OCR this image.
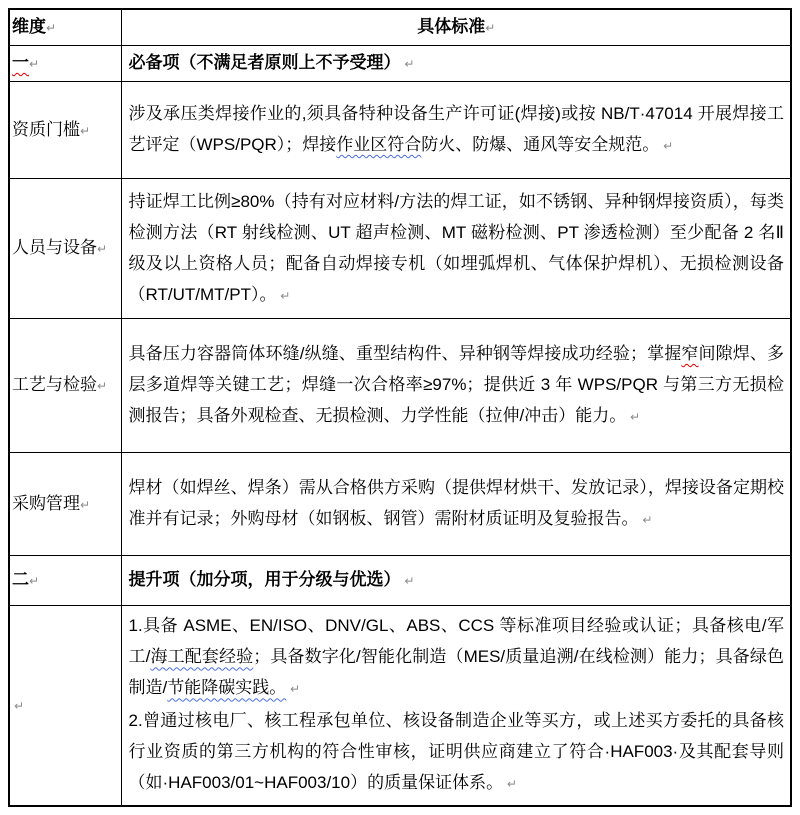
维度↵	具体标准↵

一↵	必备项（不满足者原则上不予受理） ↵

资质门槛↵	涉及承压类焊接作业的,须具备特种设备生产许可证(焊接)或按 NB/T·47014 开展焊接工艺评定（WPS/PQR）；焊接作业区符合防火、防爆、通风等安全规范。 ↵

人员与设备↵	持证焊工比例≥80%（持有对应材料/方法的焊工证，如不锈钢、异种钢焊接资质），每类检测方法（RT 射线检测、UT 超声检测、MT 磁粉检测、PT 渗透检测）至少配备 2 名Ⅱ级及以上资格人员；配备自动焊接专机（如埋弧焊机、气体保护焊机）、无损检测设备（RT/UT/MT/PT）。 ↵

工艺与检验↵	具备压力容器筒体环缝/纵缝、重型结构件、异种钢等焊接成功经验；掌握窄间隙焊、多层多道焊等关键工艺；焊缝一次合格率≥97%；提供近 3 年 WPS/PQR 与第三方无损检测报告；具备外观检查、无损检测、力学性能（拉伸/冲击）能力。 ↵

采购管理↵	焊材（如焊丝、焊条）需从合格供方采购（提供焊材烘干、发放记录），焊接设备定期校准并有记录；外购母材（如钢板、钢管）需附材质证明及复验报告。 ↵

二↵	提升项（加分项，用于分级与优选） ↵

↵	1.具备 ASME、EN/ISO、DNV/GL、ABS、CCS 等标准项目经验或认证；具备核电/军工/海工配套经验；具备数字化/智能化制造（MES/质量追溯/在线检测）能力；具备绿色制造/节能降碳实践。 ↵
2.曾通过核电厂、核工程承包单位、核设备制造企业等买方，或上述买方委托的具备核行业资质的第三方机构的符合性审核，证明供应商建立了符合·HAF003·及其配套导则（如·HAF003/01~HAF003/10）的质量保证体系。 ↵
